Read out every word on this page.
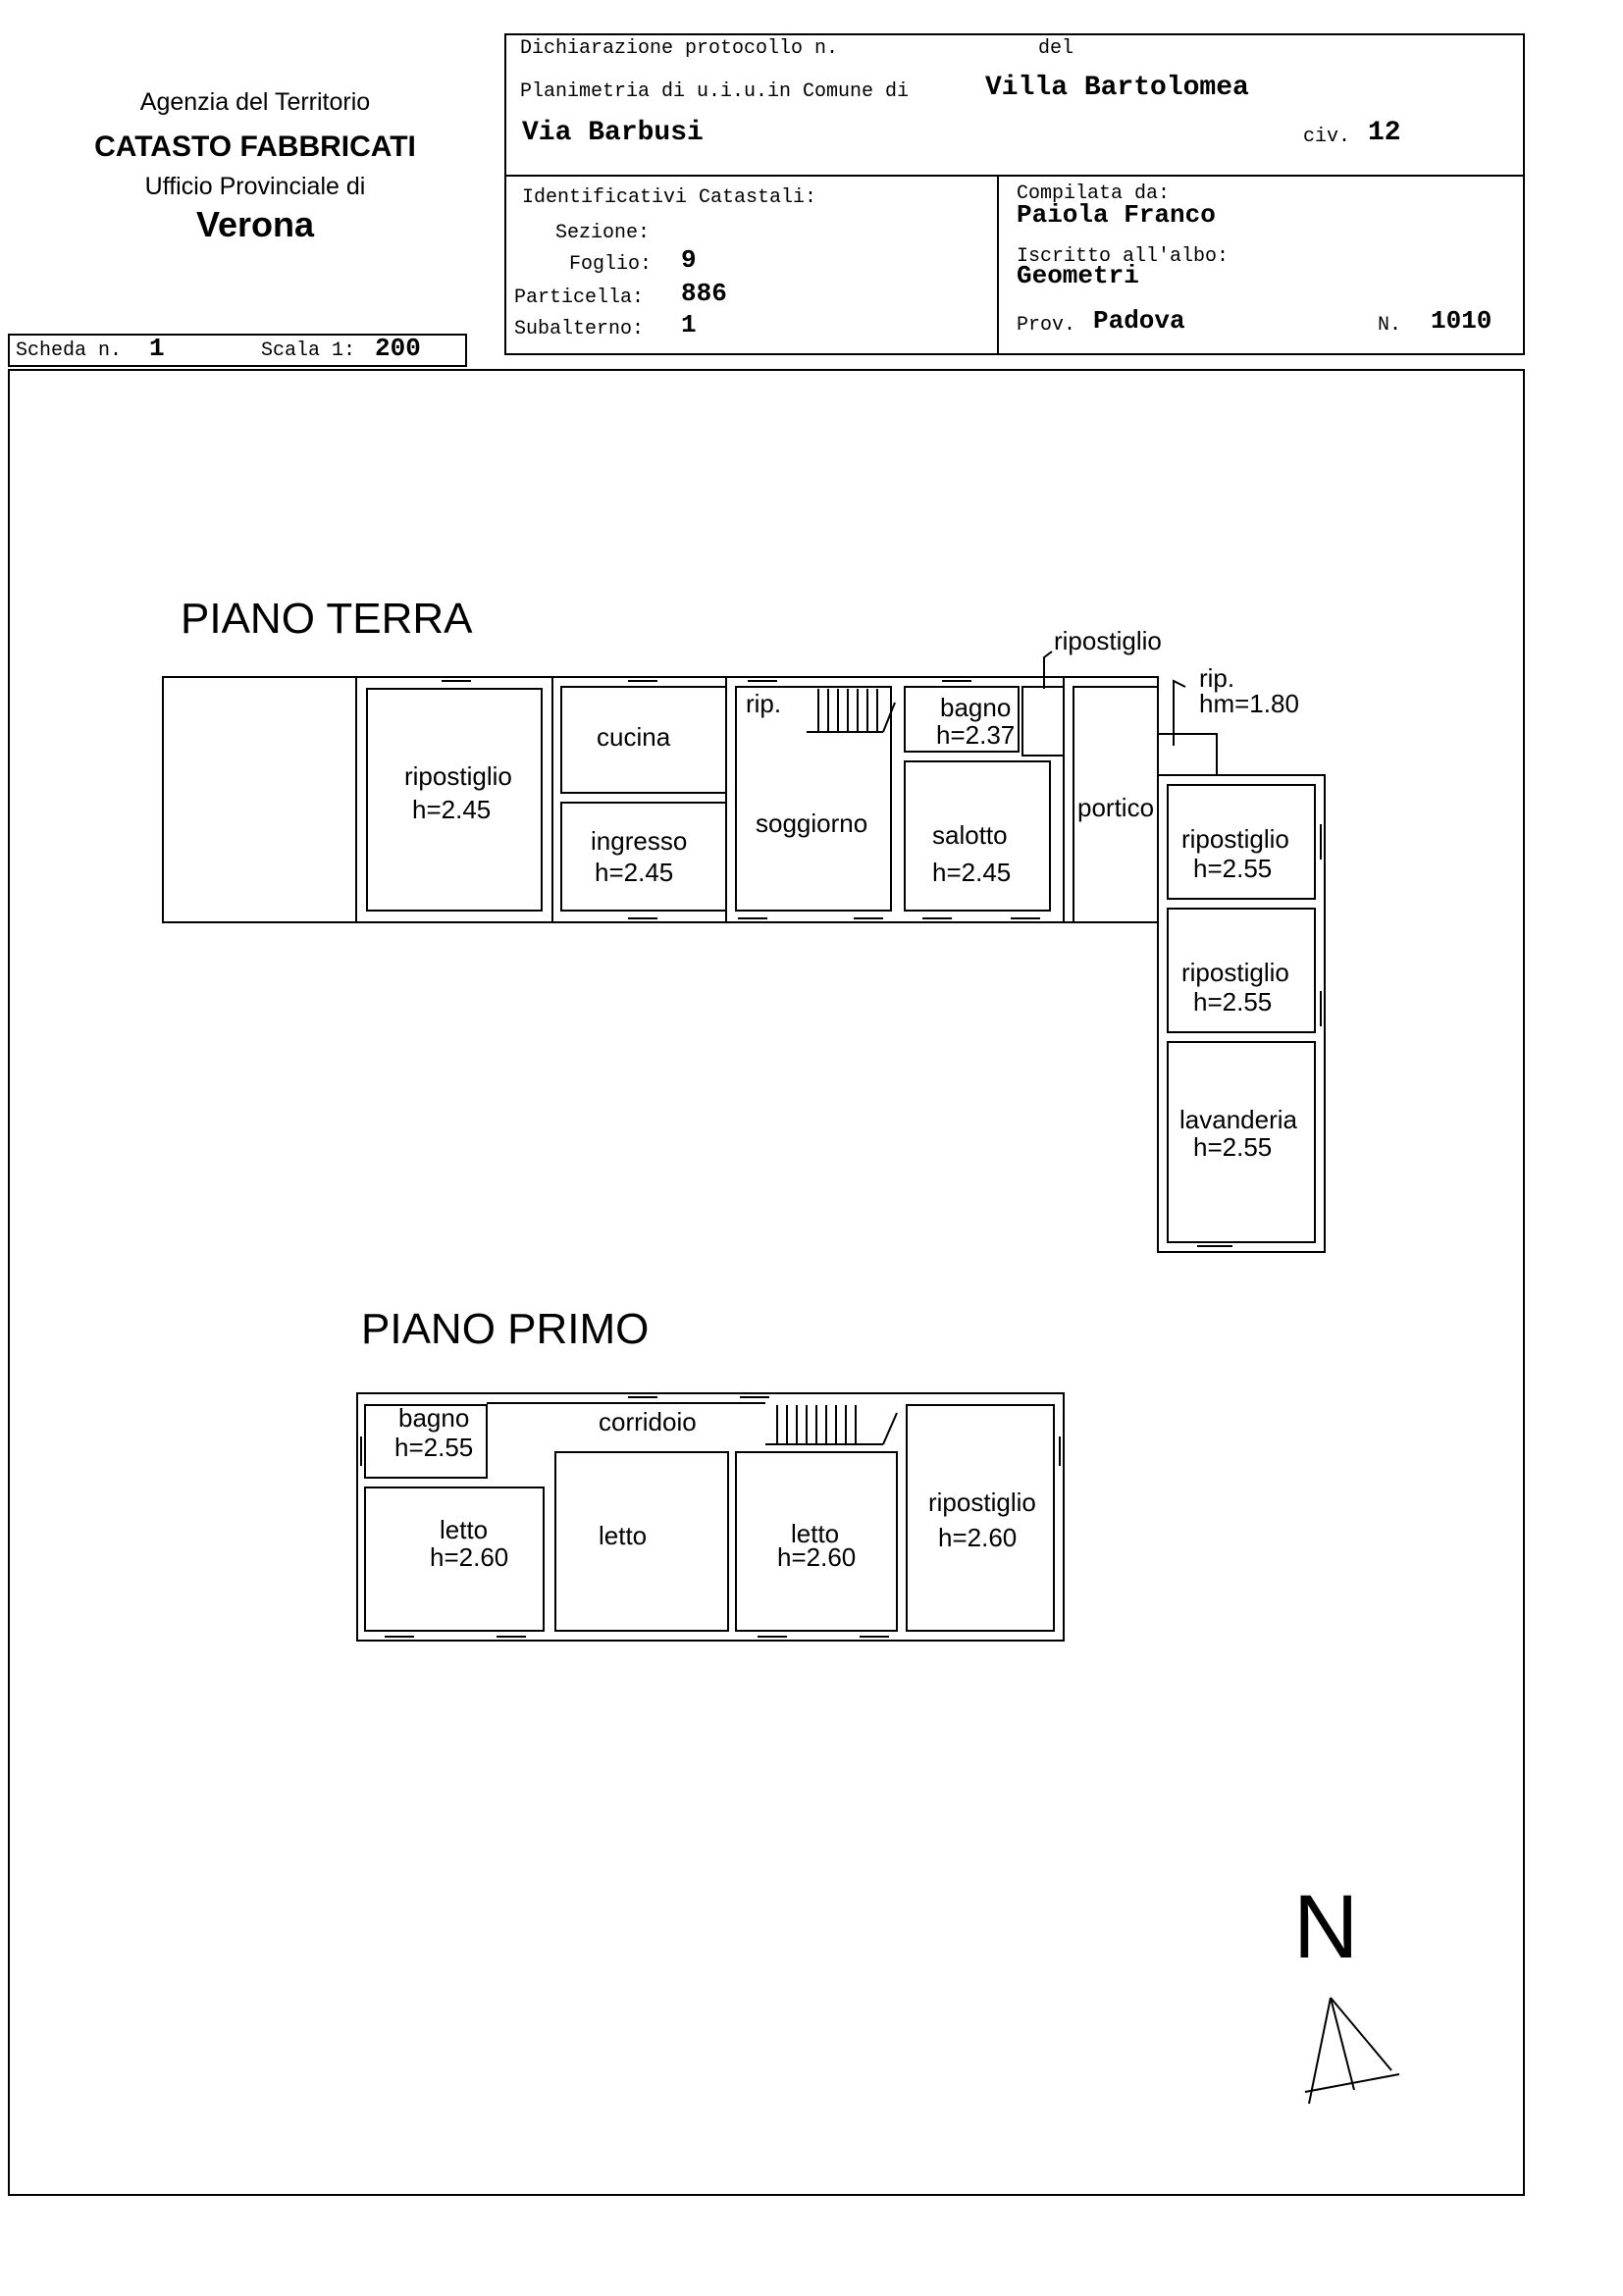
Agenzia del Territorio
CATASTO FABBRICATI
Ufficio Provinciale di
Verona
Dichiarazione protocollo n.	del
Planimetria di u.i.u.in Comune di	Villa Bartolomea
Via Barbusi	civ. 12
Identificativi Catastali:
Sezione:
Foglio: 9
Particella: 886
Subalterno: 1
Compilata da:
Paiola Franco
Iscritto all'albo:
Geometri
Prov. Padova	N. 1010
Scheda n. 1	Scala 1: 200
PIANO TERRA
ripostiglio
h=2.45
cucina
ingresso
h=2.45
rip.
soggiorno
bagno
h=2.37
salotto
h=2.45
ripostiglio
portico
rip.
hm=1.80
ripostiglio
h=2.55
ripostiglio
h=2.55
lavanderia
h=2.55
PIANO PRIMO
bagno
h=2.55
corridoio
letto
h=2.60
letto	letto
h=2.60
ripostiglio
h=2.60
N
